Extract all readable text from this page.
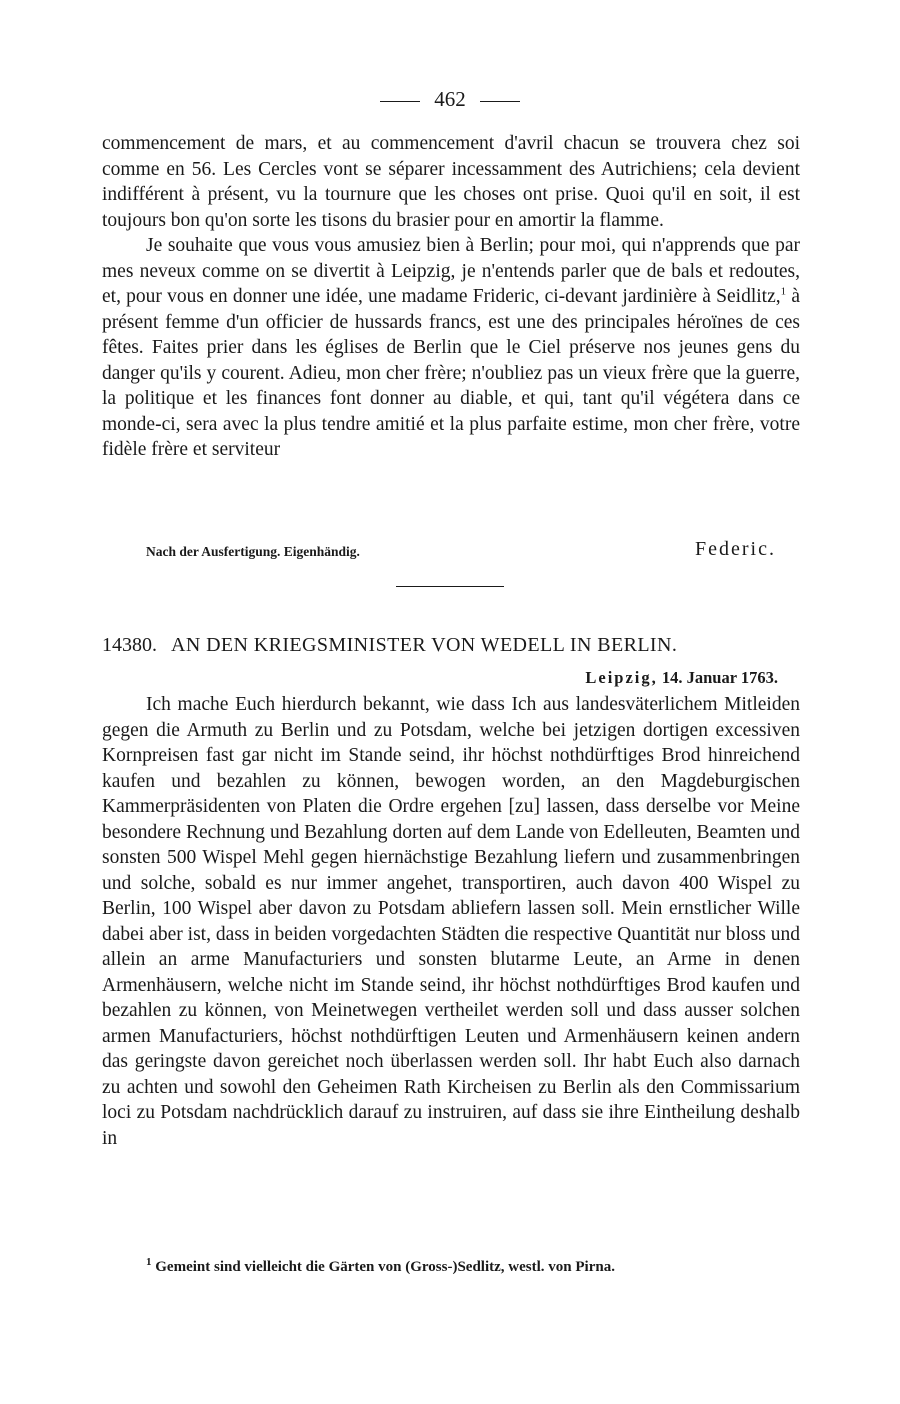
462

commencement de mars, et au commencement d'avril chacun se trouvera chez soi comme en 56. Les Cercles vont se séparer incessamment des Autrichiens; cela devient indifférent à présent, vu la tournure que les choses ont prise. Quoi qu'il en soit, il est toujours bon qu'on sorte les tisons du brasier pour en amortir la flamme.

Je souhaite que vous vous amusiez bien à Berlin; pour moi, qui n'apprends que par mes neveux comme on se divertit à Leipzig, je n'entends parler que de bals et redoutes, et, pour vous en donner une idée, une madame Frideric, ci-devant jardinière à Seidlitz,$^1$ à présent femme d'un officier de hussards francs, est une des principales héroïnes de ces fêtes. Faites prier dans les églises de Berlin que le Ciel préserve nos jeunes gens du danger qu'ils y courent. Adieu, mon cher frère; n'oubliez pas un vieux frère que la guerre, la politique et les finances font donner au diable, et qui, tant qu'il végétera dans ce monde-ci, sera avec la plus tendre amitié et la plus parfaite estime, mon cher frère, votre fidèle frère et serviteur

Nach der Ausfertigung. Eigenhändig.	Federic.
14380. AN DEN KRIEGSMINISTER VON WEDELL IN BERLIN.
Leipzig, 14. Januar 1763.

Ich mache Euch hierdurch bekannt, wie dass Ich aus landesväterlichem Mitleiden gegen die Armuth zu Berlin und zu Potsdam, welche bei jetzigen dortigen excessiven Kornpreisen fast gar nicht im Stande seind, ihr höchst nothdürftiges Brod hinreichend kaufen und bezahlen zu können, bewogen worden, an den Magdeburgischen Kammerpräsidenten von Platen die Ordre ergehen [zu] lassen, dass derselbe vor Meine besondere Rechnung und Bezahlung dorten auf dem Lande von Edelleuten, Beamten und sonsten 500 Wispel Mehl gegen hiernächstige Bezahlung liefern und zusammenbringen und solche, sobald es nur immer angehet, transportiren, auch davon 400 Wispel zu Berlin, 100 Wispel aber davon zu Potsdam abliefern lassen soll. Mein ernstlicher Wille dabei aber ist, dass in beiden vorgedachten Städten die respective Quantität nur bloss und allein an arme Manufacturiers und sonsten blutarme Leute, an Arme in denen Armenhäusern, welche nicht im Stande seind, ihr höchst nothdürftiges Brod kaufen und bezahlen zu können, von Meinetwegen vertheilet werden soll und dass ausser solchen armen Manufacturiers, höchst nothdürftigen Leuten und Armenhäusern keinen andern das geringste davon gereichet noch überlassen werden soll. Ihr habt Euch also darnach zu achten und sowohl den Geheimen Rath Kircheisen zu Berlin als den Commissarium loci zu Potsdam nachdrücklich darauf zu instruiren, auf dass sie ihre Eintheilung deshalb in

$^1$ Gemeint sind vielleicht die Gärten von (Gross-)Sedlitz, westl. von Pirna.
